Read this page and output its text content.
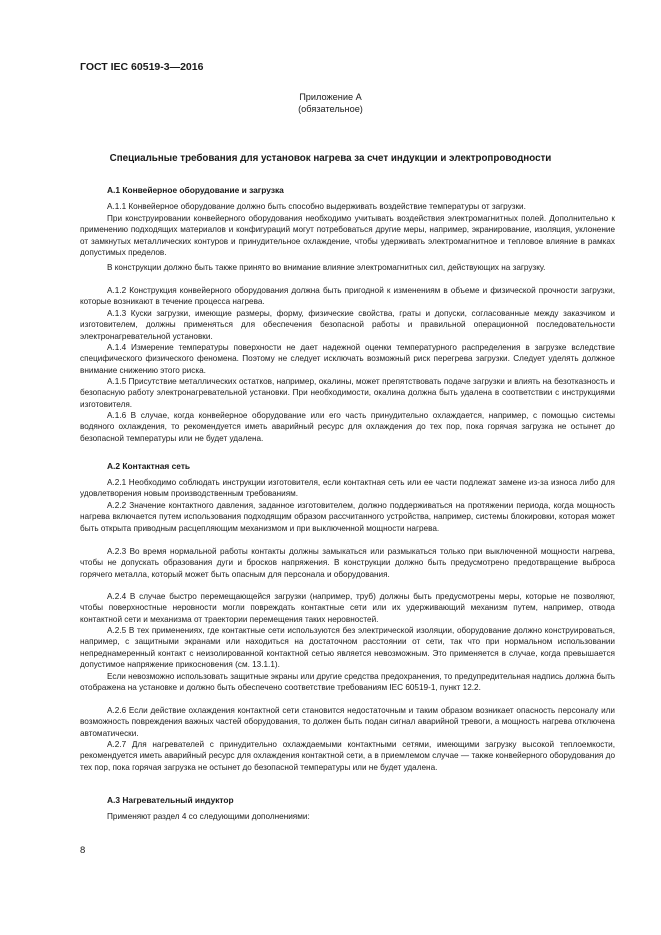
ГОСТ IEC 60519-3—2016
Приложение А
(обязательное)
Специальные требования для установок нагрева за счет индукции и электропроводности
А.1 Конвейерное оборудование и загрузка

А.1.1 Конвейерное оборудование должно быть способно выдерживать воздействие температуры от загрузки.

При конструировании конвейерного оборудования необходимо учитывать воздействия электромагнитных полей. Дополнительно к применению подходящих материалов и конфигураций могут потребоваться другие меры, например, экранирование, изоляция, уклонение от замкнутых металлических контуров и принудительное охлаждение, чтобы удерживать электромагнитное и тепловое влияние в рамках допустимых пределов.

В конструкции должно быть также принято во внимание влияние электромагнитных сил, действующих на загрузку.

А.1.2 Конструкция конвейерного оборудования должна быть пригодной к изменениям в объеме и физической прочности загрузки, которые возникают в течение процесса нагрева.

А.1.3 Куски загрузки, имеющие размеры, форму, физические свойства, граты и допуски, согласованные между заказчиком и изготовителем, должны применяться для обеспечения безопасной работы и правильной операционной последовательности электронагревательной установки.

А.1.4 Измерение температуры поверхности не дает надежной оценки температурного распределения в загрузке вследствие специфического физического феномена. Поэтому не следует исключать возможный риск перегрева загрузки. Следует уделять должное внимание снижению этого риска.

А.1.5 Присутствие металлических остатков, например, окалины, может препятствовать подаче загрузки и влиять на безотказность и безопасную работу электронагревательной установки. При необходимости, окалина должна быть удалена в соответствии с инструкциями изготовителя.

А.1.6 В случае, когда конвейерное оборудование или его часть принудительно охлаждается, например, с помощью системы водяного охлаждения, то рекомендуется иметь аварийный ресурс для охлаждения до тех пор, пока горячая загрузка не остынет до безопасной температуры или не будет удалена.

А.2 Контактная сеть

А.2.1 Необходимо соблюдать инструкции изготовителя, если контактная сеть или ее части подлежат замене из-за износа либо для удовлетворения новым производственным требованиям.

А.2.2 Значение контактного давления, заданное изготовителем, должно поддерживаться на протяжении периода, когда мощность нагрева включается путем использования подходящим образом рассчитанного устройства, например, системы блокировки, которая может быть открыта приводным расцепляющим механизмом и при выключенной мощности нагрева.

А.2.3 Во время нормальной работы контакты должны замыкаться или размыкаться только при выключенной мощности нагрева, чтобы не допускать образования дуги и бросков напряжения. В конструкции должно быть предусмотрено предотвращение выброса горячего металла, который может быть опасным для персонала и оборудования.

А.2.4 В случае быстро перемещающейся загрузки (например, труб) должны быть предусмотрены меры, которые не позволяют, чтобы поверхностные неровности могли повреждать контактные сети или их удерживающий механизм путем, например, отвода контактной сети и механизма от траектории перемещения таких неровностей.

А.2.5 В тех применениях, где контактные сети используются без электрической изоляции, оборудование должно конструироваться, например, с защитными экранами или находиться на достаточном расстоянии от сети, так что при нормальном использовании непреднамеренный контакт с неизолированной контактной сетью является невозможным. Это применяется в случае, когда превышается допустимое напряжение прикосновения (см. 13.1.1).

Если невозможно использовать защитные экраны или другие средства предохранения, то предупредительная надпись должна быть отображена на установке и должно быть обеспечено соответствие требованиям IEC 60519-1, пункт 12.2.

А.2.6 Если действие охлаждения контактной сети становится недостаточным и таким образом возникает опасность персоналу или возможность повреждения важных частей оборудования, то должен быть подан сигнал аварийной тревоги, а мощность нагрева отключена автоматически.

А.2.7 Для нагревателей с принудительно охлаждаемыми контактными сетями, имеющими загрузку высокой теплоемкости, рекомендуется иметь аварийный ресурс для охлаждения контактной сети, а в приемлемом случае — также конвейерного оборудования до тех пор, пока горячая загрузка не остынет до безопасной температуры или не будет удалена.

А.3 Нагревательный индуктор

Применяют раздел 4 со следующими дополнениями:

8
